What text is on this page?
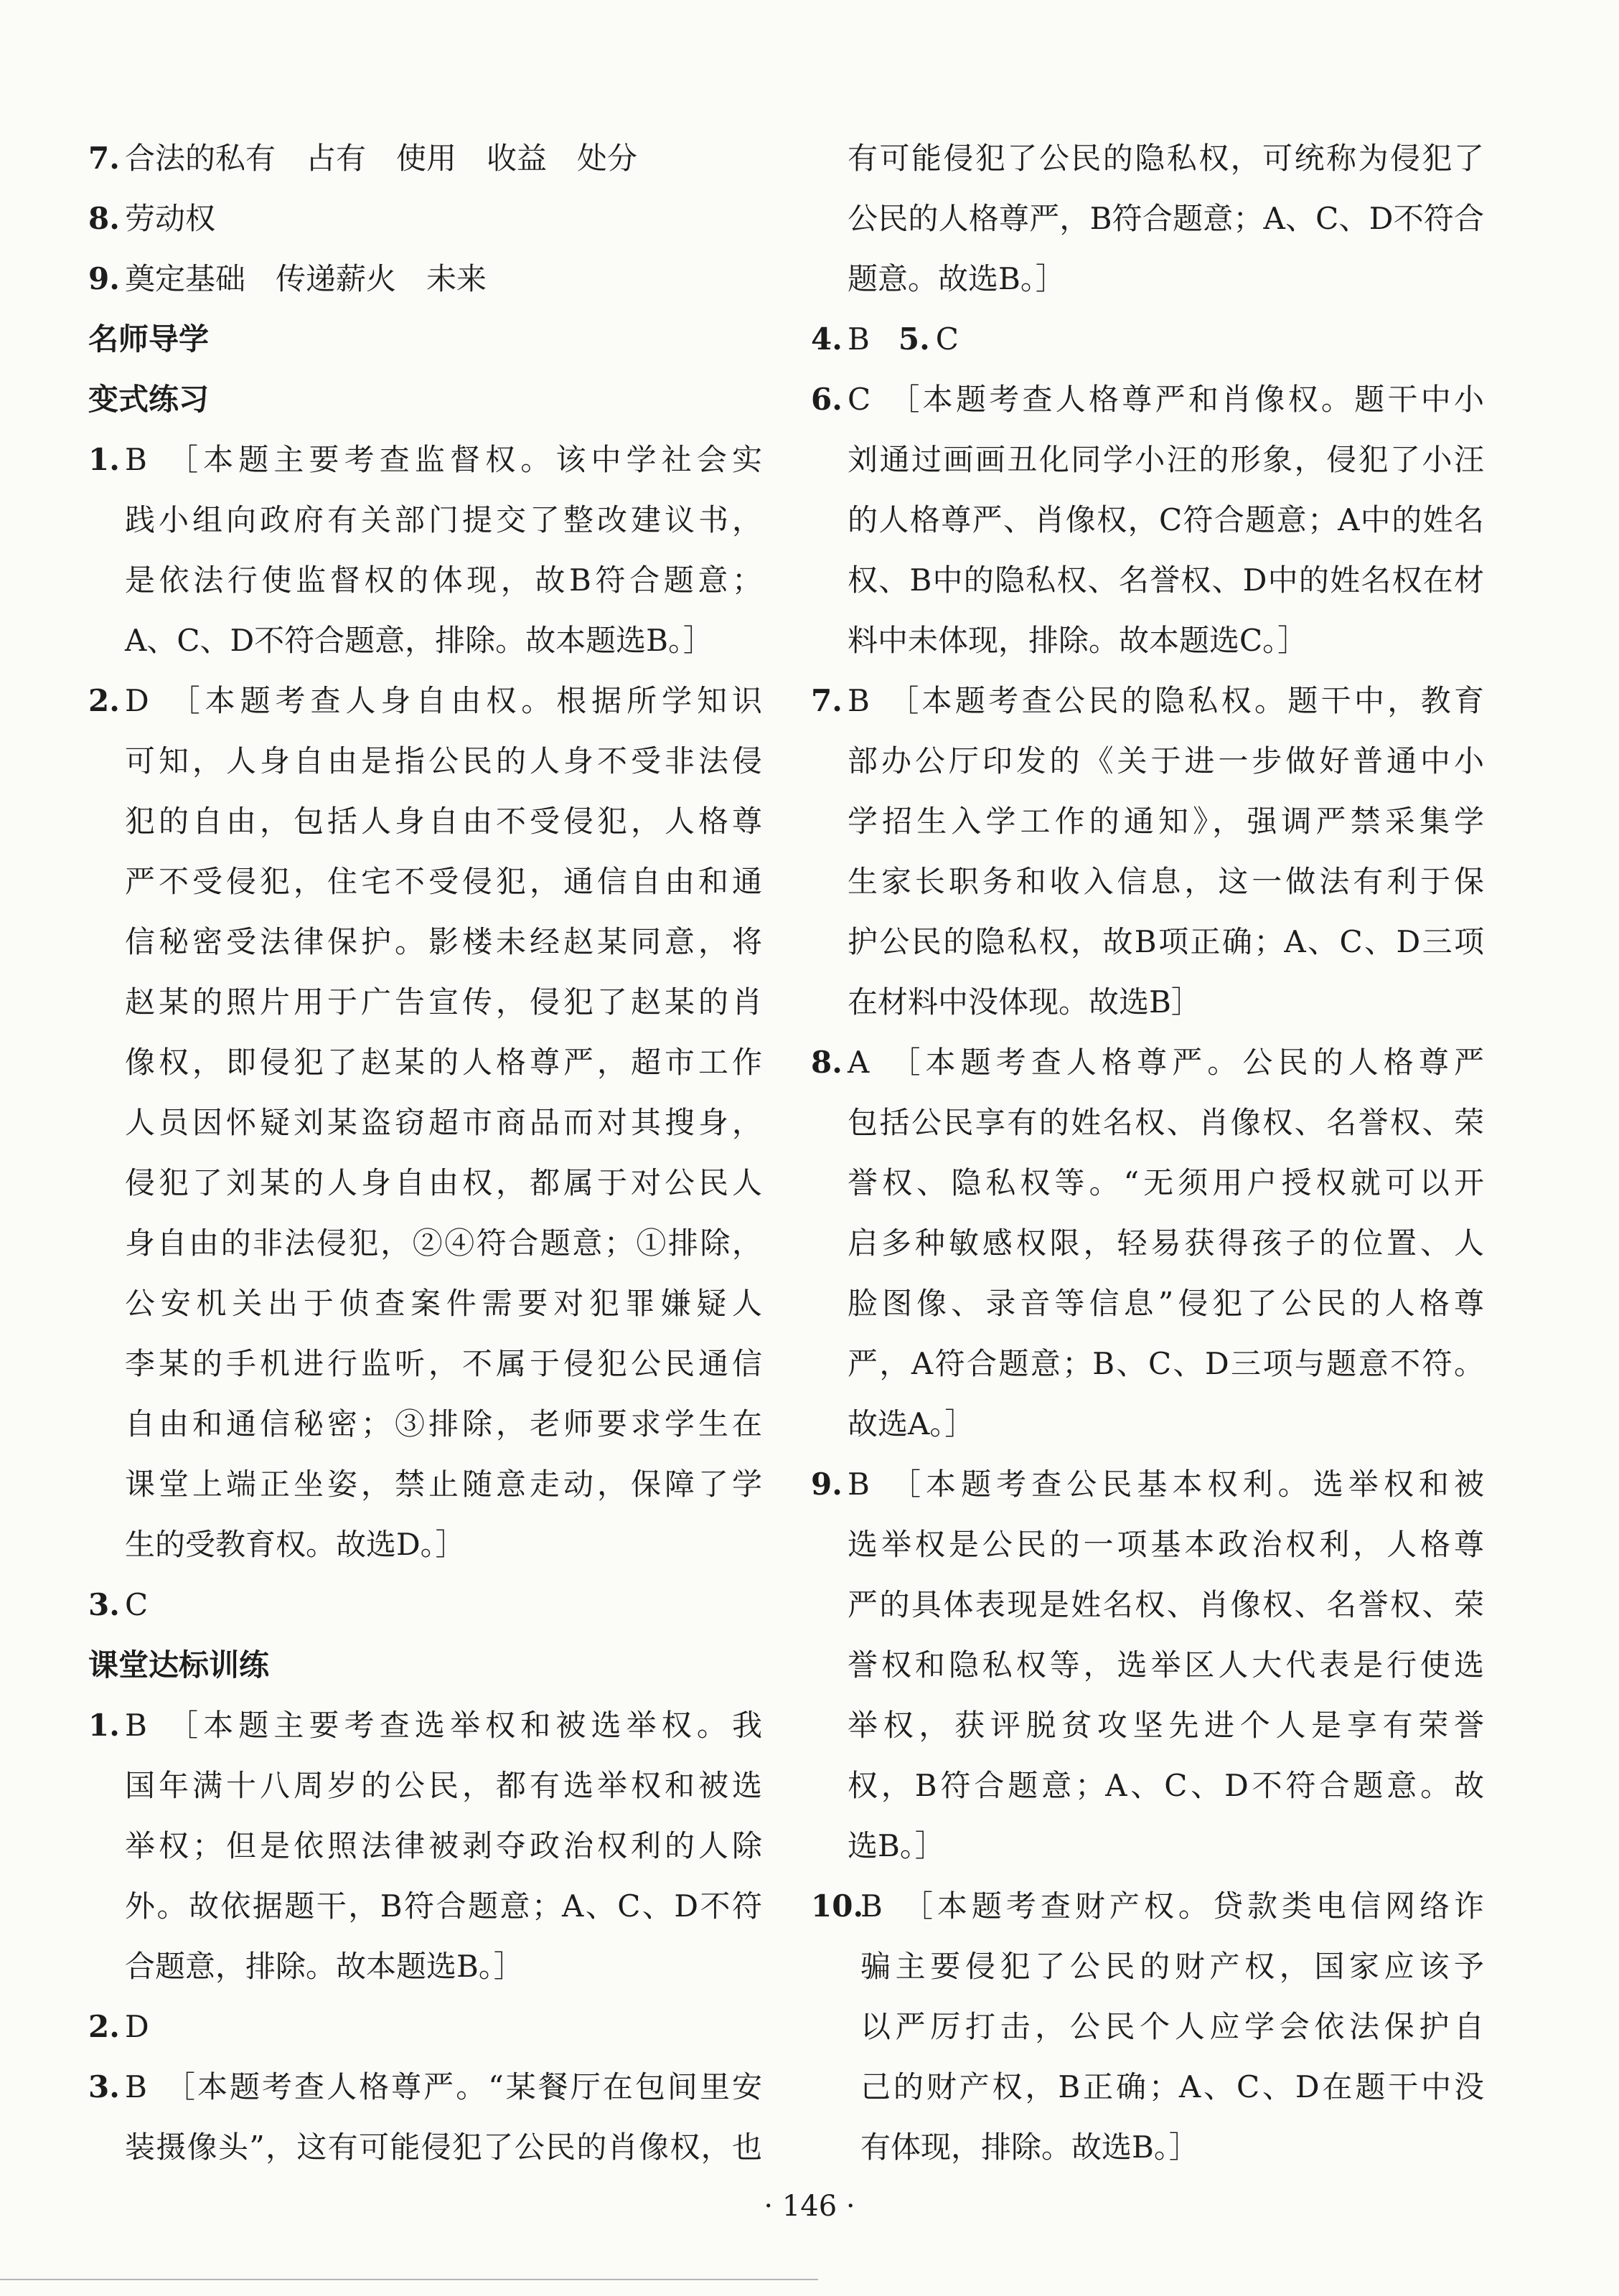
7. 合法的私有　占有　使用　收益　处分
8. 劳动权
9. 奠定基础　传递薪火　未来
名师导学
变式练习
1. B ［本题主要考查监督权。该中学社会实
践小组向政府有关部门提交了整改建议书，
是依法行使监督权的体现，故B符合题意；
A、C、D不符合题意，排除。故本题选B。］
2. D ［本题考查人身自由权。根据所学知识
可知，人身自由是指公民的人身不受非法侵
犯的自由，包括人身自由不受侵犯，人格尊
严不受侵犯，住宅不受侵犯，通信自由和通
信秘密受法律保护。影楼未经赵某同意，将
赵某的照片用于广告宣传，侵犯了赵某的肖
像权，即侵犯了赵某的人格尊严，超市工作
人员因怀疑刘某盗窃超市商品而对其搜身，
侵犯了刘某的人身自由权，都属于对公民人
身自由的非法侵犯，②④符合题意；①排除，
公安机关出于侦查案件需要对犯罪嫌疑人
李某的手机进行监听，不属于侵犯公民通信
自由和通信秘密；③排除，老师要求学生在
课堂上端正坐姿，禁止随意走动，保障了学
生的受教育权。故选D。］
3. C
课堂达标训练
1. B ［本题主要考查选举权和被选举权。我
国年满十八周岁的公民，都有选举权和被选
举权；但是依照法律被剥夺政治权利的人除
外。故依据题干，B符合题意；A、C、D不符
合题意，排除。故本题选B。］
2. D
3. B ［本题考查人格尊严。“某餐厅在包间里安
装摄像头”，这有可能侵犯了公民的肖像权，也
有可能侵犯了公民的隐私权，可统称为侵犯了
公民的人格尊严，B符合题意；A、C、D不符合
题意。故选B。］
4. B 5. C
6. C ［本题考查人格尊严和肖像权。题干中小
刘通过画画丑化同学小汪的形象，侵犯了小汪
的人格尊严、肖像权，C符合题意；A中的姓名
权、B中的隐私权、名誉权、D中的姓名权在材
料中未体现，排除。故本题选C。］
7. B ［本题考查公民的隐私权。题干中，教育
部办公厅印发的《关于进一步做好普通中小
学招生入学工作的通知》，强调严禁采集学
生家长职务和收入信息，这一做法有利于保
护公民的隐私权，故B项正确；A、C、D三项
在材料中没体现。故选B］
8. A ［本题考查人格尊严。公民的人格尊严
包括公民享有的姓名权、肖像权、名誉权、荣
誉权、隐私权等。“无须用户授权就可以开
启多种敏感权限，轻易获得孩子的位置、人
脸图像、录音等信息”侵犯了公民的人格尊
严，A符合题意；B、C、D三项与题意不符。
故选A。］
9. B ［本题考查公民基本权利。选举权和被
选举权是公民的一项基本政治权利，人格尊
严的具体表现是姓名权、肖像权、名誉权、荣
誉权和隐私权等，选举区人大代表是行使选
举权，获评脱贫攻坚先进个人是享有荣誉
权，B符合题意；A、C、D不符合题意。故
选B。］
10.
B ［本题考查财产权。贷款类电信网络诈
骗主要侵犯了公民的财产权，国家应该予
以严厉打击，公民个人应学会依法保护自
己的财产权，B正确；A、C、D在题干中没
有体现，排除。故选B。］
· 146 ·
